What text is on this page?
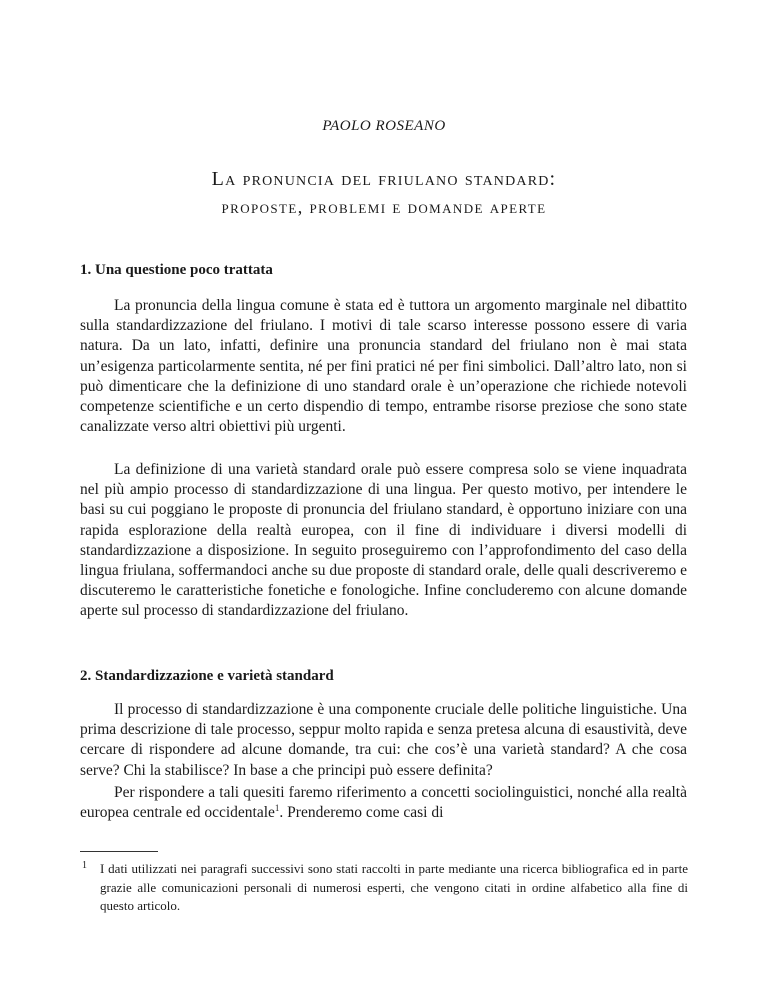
PAOLO ROSEANO
La pronuncia del friulano standard:
proposte, problemi e domande aperte
1. Una questione poco trattata

La pronuncia della lingua comune è stata ed è tuttora un argomento marginale nel dibattito sulla standardizzazione del friulano. I motivi di tale scarso interesse possono essere di varia natura. Da un lato, infatti, definire una pronuncia standard del friulano non è mai stata un’esigenza particolarmente sentita, né per fini pratici né per fini simbolici. Dall’altro lato, non si può dimenticare che la definizione di uno standard orale è un’operazione che richiede notevoli competenze scientifiche e un certo dispendio di tempo, entrambe risorse preziose che sono state canalizzate verso altri obiettivi più urgenti.

La definizione di una varietà standard orale può essere compresa solo se viene inquadrata nel più ampio processo di standardizzazione di una lingua. Per questo motivo, per intendere le basi su cui poggiano le proposte di pronuncia del friulano standard, è opportuno iniziare con una rapida esplorazione della realtà europea, con il fine di individuare i diversi modelli di standardizzazione a disposizione. In seguito proseguiremo con l’approfondimento del caso della lingua friulana, soffermandoci anche su due proposte di standard orale, delle quali descriveremo e discuteremo le caratteristiche fonetiche e fonologiche. Infine concluderemo con alcune domande aperte sul processo di standardizzazione del friulano.

2. Standardizzazione e varietà standard

Il processo di standardizzazione è una componente cruciale delle politiche linguistiche. Una prima descrizione di tale processo, seppur molto rapida e senza pretesa alcuna di esaustività, deve cercare di rispondere ad alcune domande, tra cui: che cos’è una varietà standard? A che cosa serve? Chi la stabilisce? In base a che principi può essere definita?

Per rispondere a tali quesiti faremo riferimento a concetti sociolinguistici, nonché alla realtà europea centrale ed occidentale$^1$. Prenderemo come casi di

1 I dati utilizzati nei paragrafi successivi sono stati raccolti in parte mediante una ricerca bibliografica ed in parte grazie alle comunicazioni personali di numerosi esperti, che vengono citati in ordine alfabetico alla fine di questo articolo.
